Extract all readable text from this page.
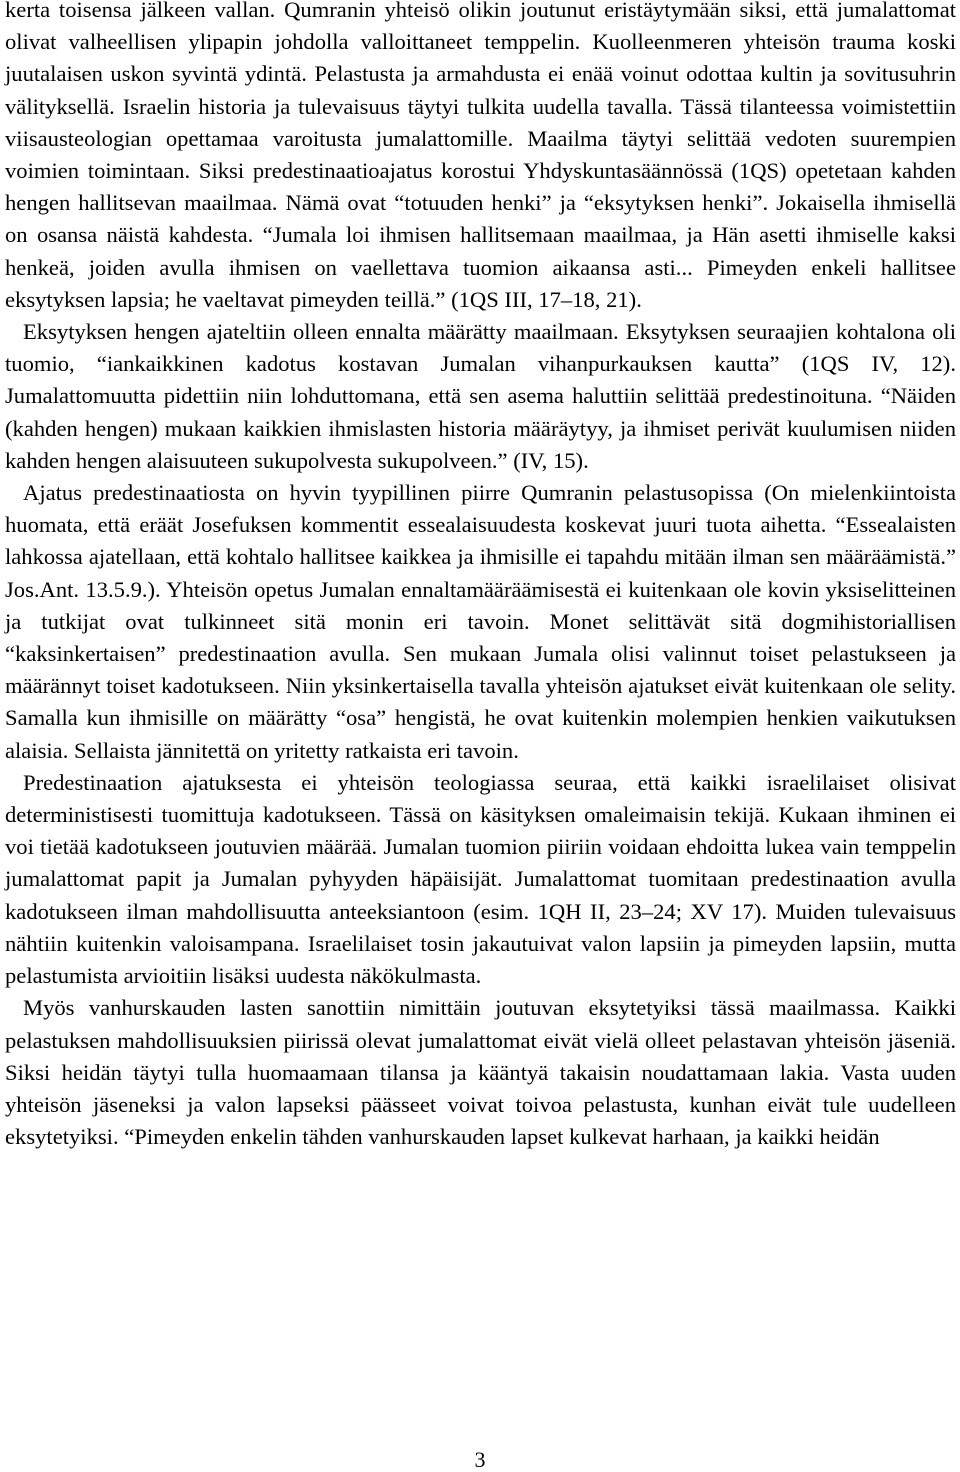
kerta toisensa jälkeen vallan. Qumranin yhteisö olikin joutunut eristäytymään siksi, että jumalattomat olivat valheellisen ylipapin johdolla valloittaneet temppelin. Kuolleenmeren yhteisön trauma koski juutalaisen uskon syvintä ydintä. Pelastusta ja armahdusta ei enää voinut odottaa kultin ja sovitusuhrin välityksellä. Israelin historia ja tulevaisuus täytyi tulkita uudella tavalla. Tässä tilanteessa voimistettiin viisausteologian opettamaa varoitusta jumalattomille. Maailma täytyi selittää vedoten suurempien voimien toimintaan. Siksi predestinaatioajatus korostui Yhdyskuntasäännössä (1QS) opetetaan kahden hengen hallitsevan maailmaa. Nämä ovat “totuuden henki” ja “eksytyksen henki”. Jokaisella ihmisellä on osansa näistä kahdesta. “Jumala loi ihmisen hallitsemaan maailmaa, ja Hän asetti ihmiselle kaksi henkeä, joiden avulla ihmisen on vaellettava tuomion aikaansa asti... Pimeyden enkeli hallitsee eksytyksen lapsia; he vaeltavat pimeyden teillä.” (1QS III, 17–18, 21).

Eksytyksen hengen ajateltiin olleen ennalta määrätty maailmaan. Eksytyksen seuraajien kohtalona oli tuomio, “iankaikkinen kadotus kostavan Jumalan vihanpurkauksen kautta” (1QS IV, 12). Jumalattomuutta pidettiin niin lohduttomana, että sen asema haluttiin selittää predestinoituna. “Näiden (kahden hengen) mukaan kaikkien ihmislasten historia määräytyy, ja ihmiset perivät kuulumisen niiden kahden hengen alaisuuteen sukupolvesta sukupolveen.” (IV, 15).

Ajatus predestinaatiosta on hyvin tyypillinen piirre Qumranin pelastusopissa (On mielenkiintoista huomata, että eräät Josefuksen kommentit essealaisuudesta koskevat juuri tuota aihetta. “Essealaisten lahkossa ajatellaan, että kohtalo hallitsee kaikkea ja ihmisille ei tapahdu mitään ilman sen määräämistä.” Jos.Ant. 13.5.9.). Yhteisön opetus Jumalan ennaltamääräämisestä ei kuitenkaan ole kovin yksiselitteinen ja tutkijat ovat tulkinneet sitä monin eri tavoin. Monet selittävät sitä dogmihistoriallisen “kaksinkertaisen” predestinaation avulla. Sen mukaan Jumala olisi valinnut toiset pelastukseen ja määrännyt toiset kadotukseen. Niin yksinkertaisella tavalla yhteisön ajatukset eivät kuitenkaan ole selity. Samalla kun ihmisille on määrätty “osa” hengistä, he ovat kuitenkin molempien henkien vaikutuksen alaisia. Sellaista jännitettä on yritetty ratkaista eri tavoin.

Predestinaation ajatuksesta ei yhteisön teologiassa seuraa, että kaikki israelilaiset olisivat deterministisesti tuomittuja kadotukseen. Tässä on käsityksen omaleimaisin tekijä. Kukaan ihminen ei voi tietää kadotukseen joutuvien määrää. Jumalan tuomion piiriin voidaan ehdoitta lukea vain temppelin jumalattomat papit ja Jumalan pyhyyden häpäisijät. Jumalattomat tuomitaan predestinaation avulla kadotukseen ilman mahdollisuutta anteeksiantoon (esim. 1QH II, 23–24; XV 17). Muiden tulevaisuus nähtiin kuitenkin valoisampana. Israelilaiset tosin jakautuivat valon lapsiin ja pimeyden lapsiin, mutta pelastumista arvioitiin lisäksi uudesta näkökulmasta.

Myös vanhurskauden lasten sanottiin nimittäin joutuvan eksytetyiksi tässä maailmassa. Kaikki pelastuksen mahdollisuuksien piirissä olevat jumalattomat eivät vielä olleet pelastavan yhteisön jäseniä. Siksi heidän täytyi tulla huomaamaan tilansa ja kääntyä takaisin noudattamaan lakia. Vasta uuden yhteisön jäseneksi ja valon lapseksi päässeet voivat toivoa pelastusta, kunhan eivät tule uudelleen eksytetyiksi. “Pimeyden enkelin tähden vanhurskauden lapset kulkevat harhaan, ja kaikki heidän

3
